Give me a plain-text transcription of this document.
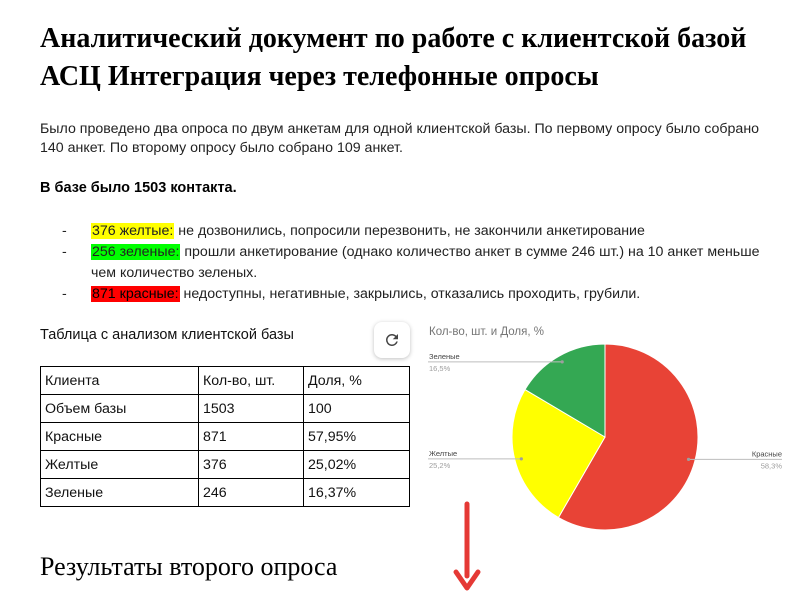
Аналитический документ по работе с клиентской базой АСЦ Интеграция через телефонные опросы

Было проведено два опроса по двум анкетам для одной клиентской базы. По первому опросу было собрано 140 анкет. По второму опросу было собрано 109 анкет.

В базе было 1503 контакта.

- 376 желтые: не дозвонились, попросили перезвонить, не закончили анкетирование
- 256 зеленые: прошли анкетирование (однако количество анкет в сумме 246 шт.) на 10 анкет меньше чем количество зеленых.
- 871 красные: недоступны, негативные, закрылись, отказались проходить, грубили.

Таблица с анализом клиентской базы

Клиента	Кол-во, шт.	Доля, %
Объем базы	1503	100
Красные	871	57,95%
Желтые	376	25,02%
Зеленые	246	16,37%

Кол-во, шт. и Доля, %

Красные
58,3%
Желтые
25,2%
Зеленые
16,5%
Результаты второго опроса
